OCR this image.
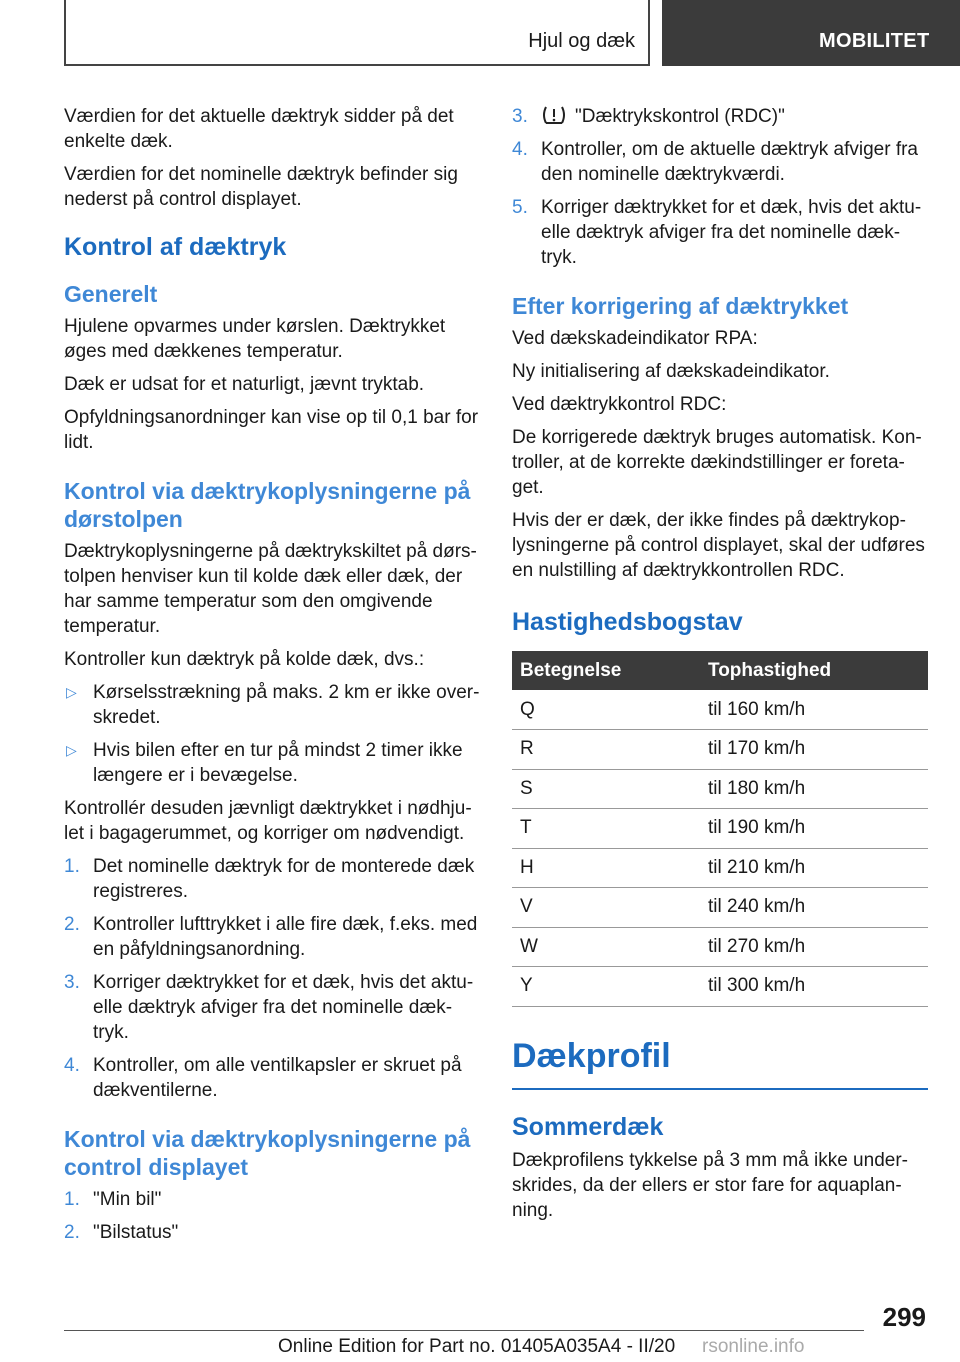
Hjul og dæk	MOBILITET

Værdien for det aktuelle dæktryk sidder på det enkelte dæk.

Værdien for det nominelle dæktryk befinder sig nederst på control displayet.

Kontrol af dæktryk
Generelt

Hjulene opvarmes under kørslen. Dæktrykket øges med dækkenes temperatur.

Dæk er udsat for et naturligt, jævnt tryktab.

Opfyldningsanordninger kan vise op til 0,1 bar for lidt.

Kontrol via dæktrykoplysningerne på dørstolpen

Dæktrykoplysningerne på dæktrykskiltet på dørstolpen henviser kun til kolde dæk eller dæk, der har samme temperatur som den omgivende temperatur.

Kontroller kun dæktryk på kolde dæk, dvs.:

▷ Kørselsstrækning på maks. 2 km er ikke overskredet.
▷ Hvis bilen efter en tur på mindst 2 timer ikke længere er i bevægelse.

Kontrollér desuden jævnligt dæktrykket i nødhjulet i bagagerummet, og korriger om nødvendigt.

1. Det nominelle dæktryk for de monterede dæk registreres.
2. Kontroller lufttrykket i alle fire dæk, f.eks. med en påfyldningsanordning.
3. Korriger dæktrykket for et dæk, hvis det aktuelle dæktryk afviger fra det nominelle dæktryk.
4. Kontroller, om alle ventilkapsler er skruet på dækventilerne.
Kontrol via dæktrykoplysningerne på control displayet
1. "Min bil"
2. "Bilstatus"
3. "Dæktrykskontrol (RDC)"
4. Kontroller, om de aktuelle dæktryk afviger fra den nominelle dæktrykværdi.
5. Korriger dæktrykket for et dæk, hvis det aktuelle dæktryk afviger fra det nominelle dæktryk.
Efter korrigering af dæktrykket

Ved dækskadeindikator RPA:

Ny initialisering af dækskadeindikator.

Ved dæktrykkontrol RDC:

De korrigerede dæktryk bruges automatisk. Kontroller, at de korrekte dækindstillinger er foretaget.

Hvis der er dæk, der ikke findes på dæktrykoplysningerne på control displayet, skal der udføres en nulstilling af dæktrykkontrollen RDC.

Hastighedsbogstav
Betegnelse	Tophastighed
Q	til 160 km/h
R	til 170 km/h
S	til 180 km/h
T	til 190 km/h
H	til 210 km/h
V	til 240 km/h
W	til 270 km/h
Y	til 300 km/h
Dækprofil
Sommerdæk

Dækprofilens tykkelse på 3 mm må ikke underskrides, da der ellers er stor fare for aquaplanning.

299
Online Edition for Part no. 01405A035A4 - II/20 rsonline.info
